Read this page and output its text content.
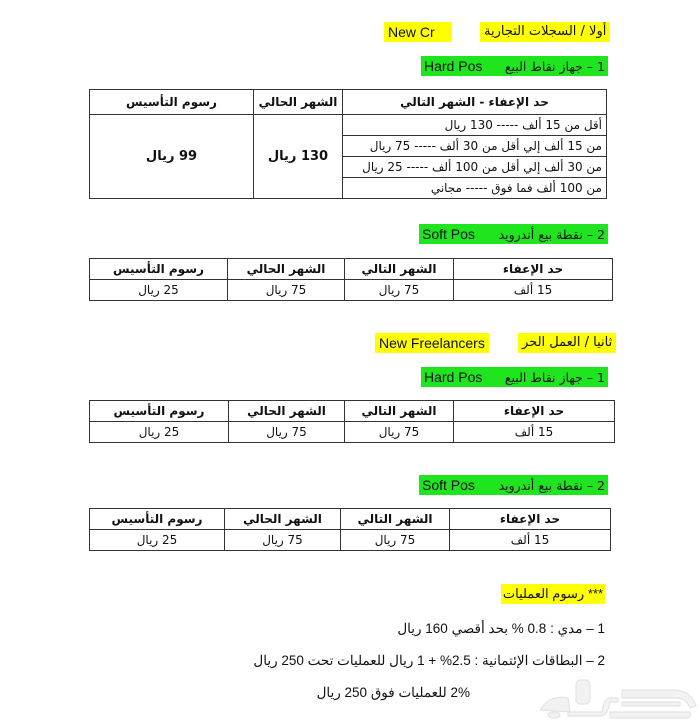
أولا / السجلات التجارية
New Cr
Hard Pos 1 – جهاز نقاط البيع
حد الإعفاء - الشهر التالي	الشهر الحالي	رسوم التأسيس
أقل من 15 ألف ----- 130 ريال	130 ريال	99 ريال
من 15 ألف إلي أقل من 30 ألف ----- 75 ريال		
من 30 ألف إلي أقل من 100 ألف ----- 25 ريال		
من 100 ألف فما فوق ----- مجاني		
Soft Pos 2 – نقطة بيع أندرويد
حد الإعفاء	الشهر التالي	الشهر الحالي	رسوم التأسيس
15 ألف	75 ريال	75 ريال	25 ريال
ثانيا / العمل الحر
New Freelancers
Hard Pos 1 – جهاز نقاط البيع
حد الإعفاء	الشهر التالي	الشهر الحالي	رسوم التأسيس
15 ألف	75 ريال	75 ريال	25 ريال
Soft Pos 2 – نقطة بيع أندرويد
حد الإعفاء	الشهر التالي	الشهر الحالي	رسوم التأسيس
15 ألف	75 ريال	75 ريال	25 ريال
*** رسوم العمليات
1 – مدي : 0.8 % بحد أقصي 160 ريال
2 – البطاقات الإئتمانية : 2.5% + 1 ريال للعمليات تحت 250 ريال
2% للعمليات فوق 250 ريال
